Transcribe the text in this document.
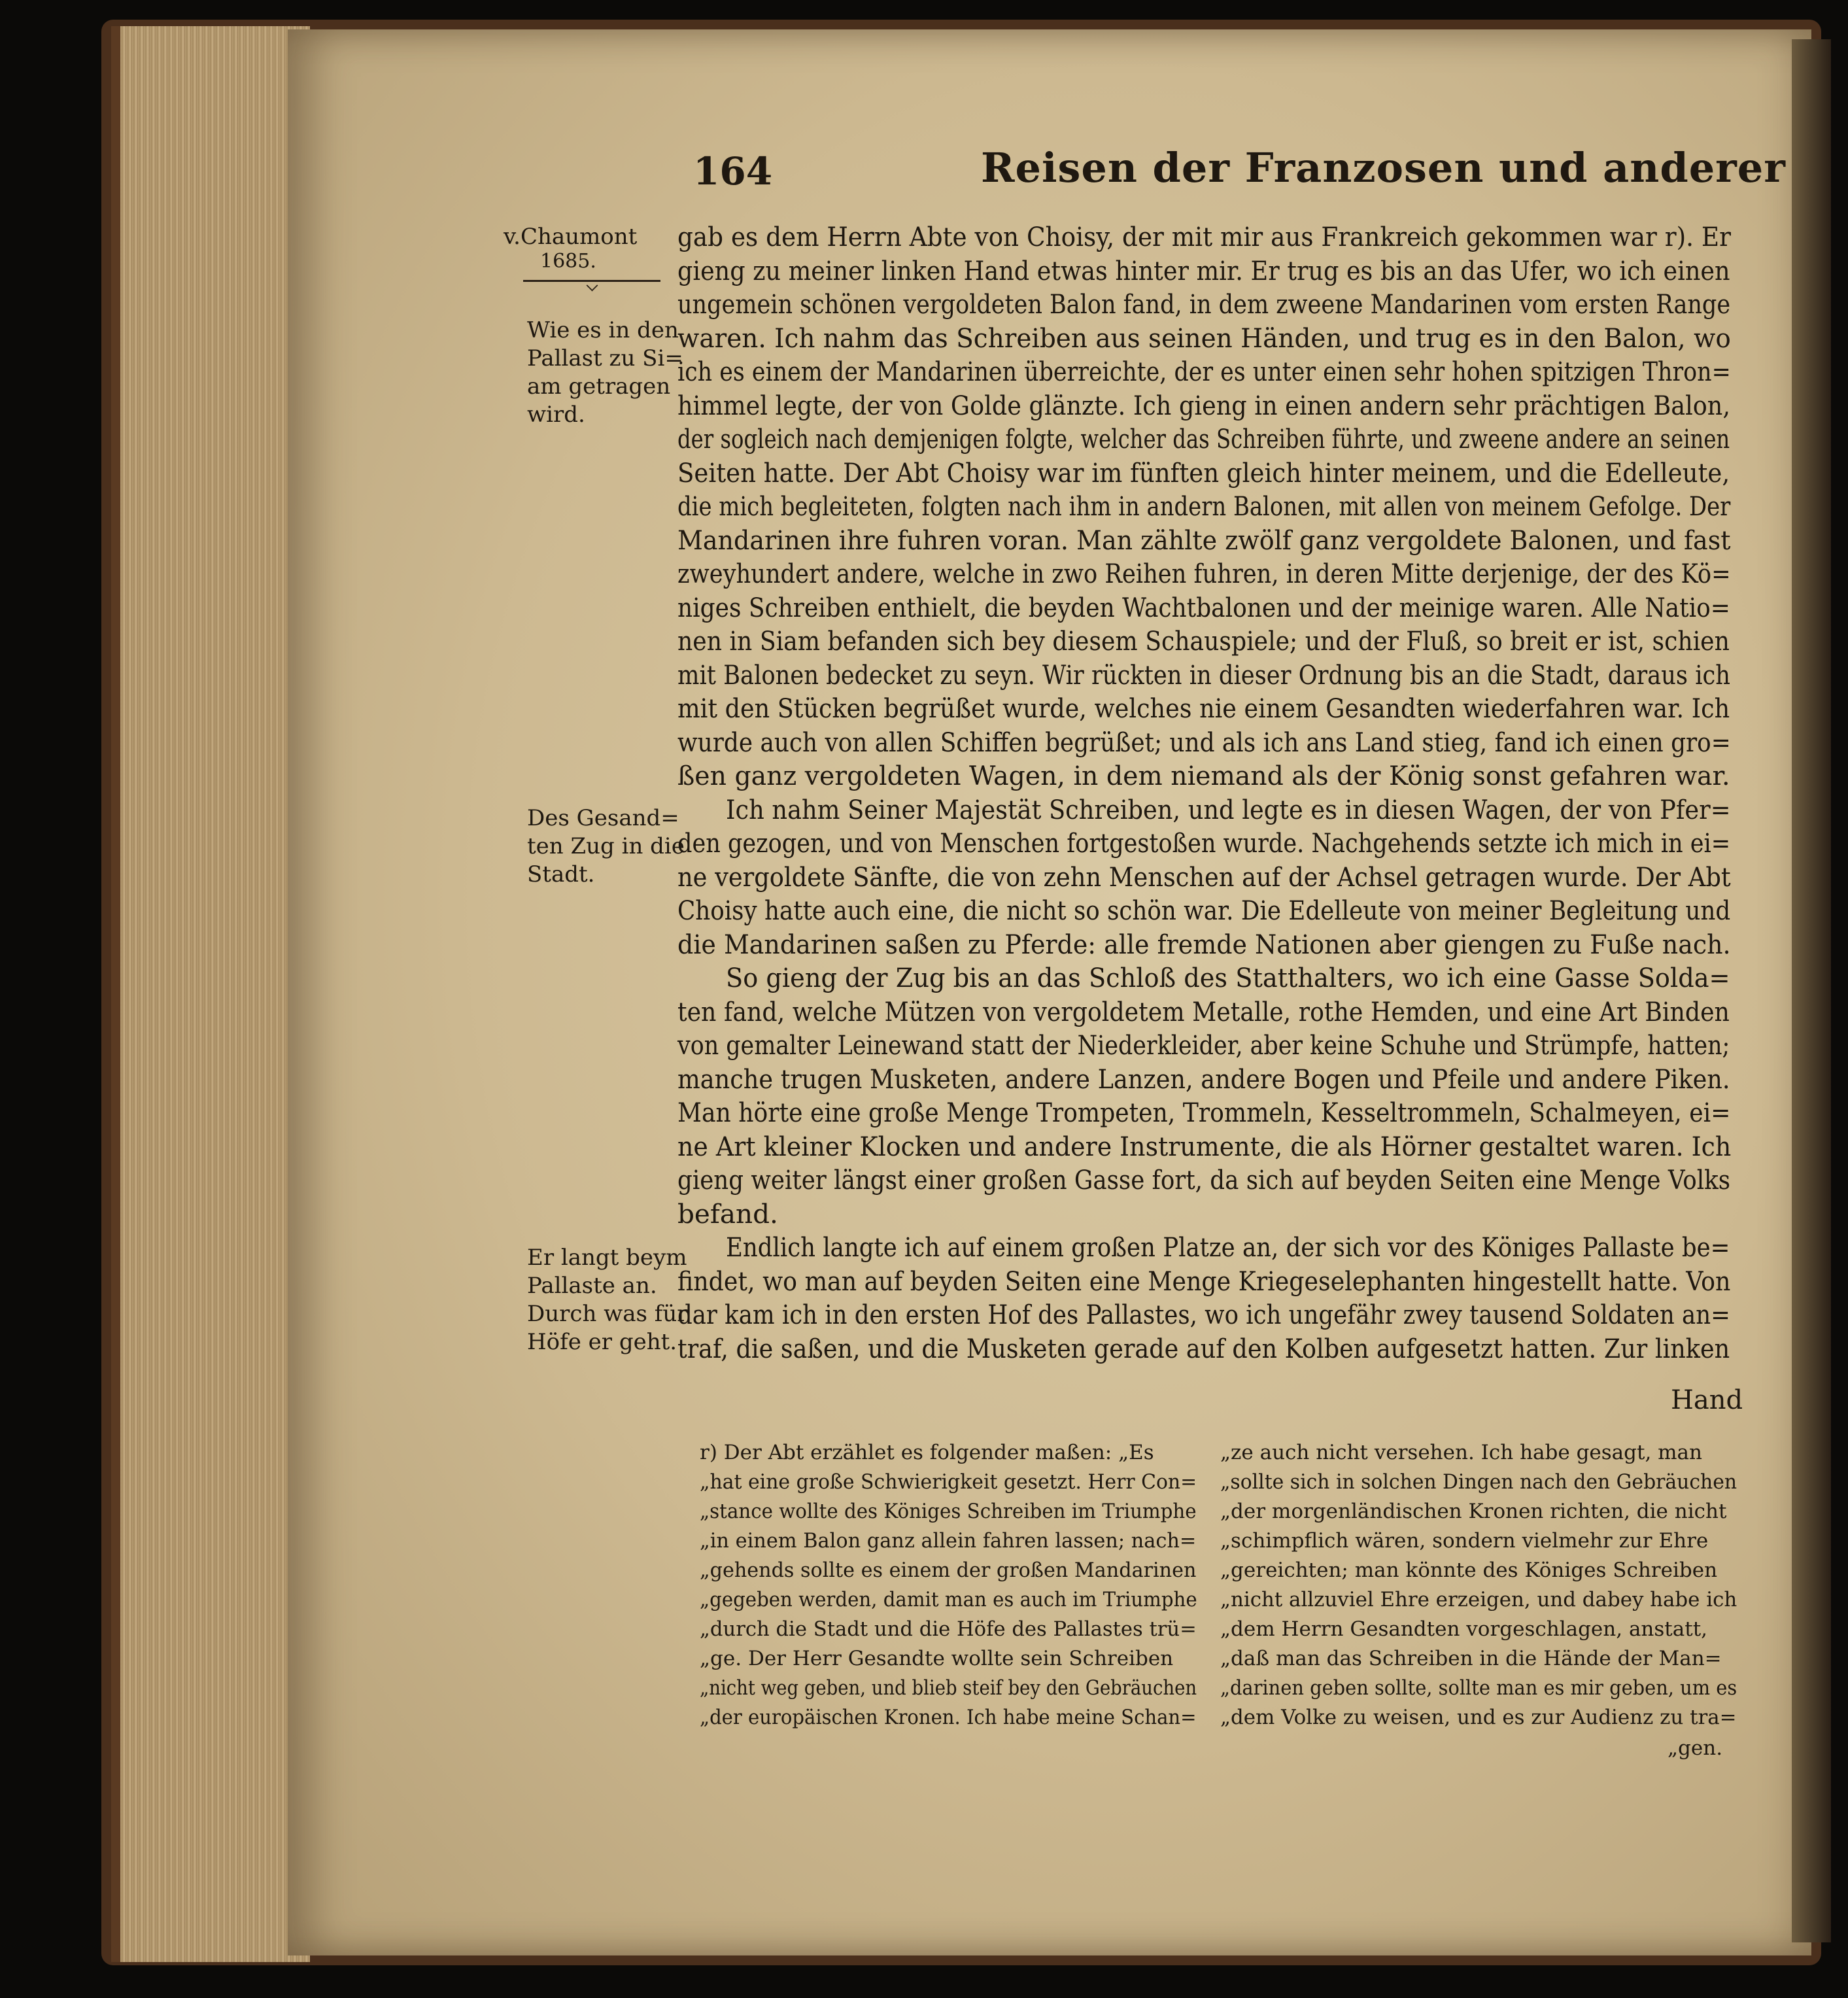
164	Reisen der Franzosen und anderer
v.Chaumont
1685.
Wie es in den
Pallast zu Si=
am getragen
wird.
Des Gesand=
ten Zug in die
Stadt.
Er langt beym
Pallaste an.
Durch was für
Höfe er geht.
gab es dem Herrn Abte von Choisy, der mit mir aus Frankreich gekommen war r). Er
gieng zu meiner linken Hand etwas hinter mir. Er trug es bis an das Ufer, wo ich einen
ungemein schönen vergoldeten Balon fand, in dem zweene Mandarinen vom ersten Range
waren. Ich nahm das Schreiben aus seinen Händen, und trug es in den Balon, wo
ich es einem der Mandarinen überreichte, der es unter einen sehr hohen spitzigen Thron=
himmel legte, der von Golde glänzte. Ich gieng in einen andern sehr prächtigen Balon,
der sogleich nach demjenigen folgte, welcher das Schreiben führte, und zweene andere an seinen
Seiten hatte. Der Abt Choisy war im fünften gleich hinter meinem, und die Edelleute,
die mich begleiteten, folgten nach ihm in andern Balonen, mit allen von meinem Gefolge. Der
Mandarinen ihre fuhren voran. Man zählte zwölf ganz vergoldete Balonen, und fast
zweyhundert andere, welche in zwo Reihen fuhren, in deren Mitte derjenige, der des Kö=
niges Schreiben enthielt, die beyden Wachtbalonen und der meinige waren. Alle Natio=
nen in Siam befanden sich bey diesem Schauspiele; und der Fluß, so breit er ist, schien
mit Balonen bedecket zu seyn. Wir rückten in dieser Ordnung bis an die Stadt, daraus ich
mit den Stücken begrüßet wurde, welches nie einem Gesandten wiederfahren war. Ich
wurde auch von allen Schiffen begrüßet; und als ich ans Land stieg, fand ich einen gro=
ßen ganz vergoldeten Wagen, in dem niemand als der König sonst gefahren war.
Ich nahm Seiner Majestät Schreiben, und legte es in diesen Wagen, der von Pfer=
den gezogen, und von Menschen fortgestoßen wurde. Nachgehends setzte ich mich in ei=
ne vergoldete Sänfte, die von zehn Menschen auf der Achsel getragen wurde. Der Abt
Choisy hatte auch eine, die nicht so schön war. Die Edelleute von meiner Begleitung und
die Mandarinen saßen zu Pferde: alle fremde Nationen aber giengen zu Fuße nach.
So gieng der Zug bis an das Schloß des Statthalters, wo ich eine Gasse Solda=
ten fand, welche Mützen von vergoldetem Metalle, rothe Hemden, und eine Art Binden
von gemalter Leinewand statt der Niederkleider, aber keine Schuhe und Strümpfe, hatten;
manche trugen Musketen, andere Lanzen, andere Bogen und Pfeile und andere Piken.
Man hörte eine große Menge Trompeten, Trommeln, Kesseltrommeln, Schalmeyen, ei=
ne Art kleiner Klocken und andere Instrumente, die als Hörner gestaltet waren. Ich
gieng weiter längst einer großen Gasse fort, da sich auf beyden Seiten eine Menge Volks
befand.
Endlich langte ich auf einem großen Platze an, der sich vor des Königes Pallaste be=
findet, wo man auf beyden Seiten eine Menge Kriegeselephanten hingestellt hatte. Von
dar kam ich in den ersten Hof des Pallastes, wo ich ungefähr zwey tausend Soldaten an=
traf, die saßen, und die Musketen gerade auf den Kolben aufgesetzt hatten. Zur linken
Hand
r) Der Abt erzählet es folgender maßen: „Es
„hat eine große Schwierigkeit gesetzt. Herr Con=
„stance wollte des Königes Schreiben im Triumphe
„in einem Balon ganz allein fahren lassen; nach=
„gehends sollte es einem der großen Mandarinen
„gegeben werden, damit man es auch im Triumphe
„durch die Stadt und die Höfe des Pallastes trü=
„ge. Der Herr Gesandte wollte sein Schreiben
„nicht weg geben, und blieb steif bey den Gebräuchen
„der europäischen Kronen. Ich habe meine Schan=
„ze auch nicht versehen. Ich habe gesagt, man
„sollte sich in solchen Dingen nach den Gebräuchen
„der morgenländischen Kronen richten, die nicht
„schimpflich wären, sondern vielmehr zur Ehre
„gereichten; man könnte des Königes Schreiben
„nicht allzuviel Ehre erzeigen, und dabey habe ich
„dem Herrn Gesandten vorgeschlagen, anstatt,
„daß man das Schreiben in die Hände der Man=
„darinen geben sollte, sollte man es mir geben, um es
„dem Volke zu weisen, und es zur Audienz zu tra=
„gen.
